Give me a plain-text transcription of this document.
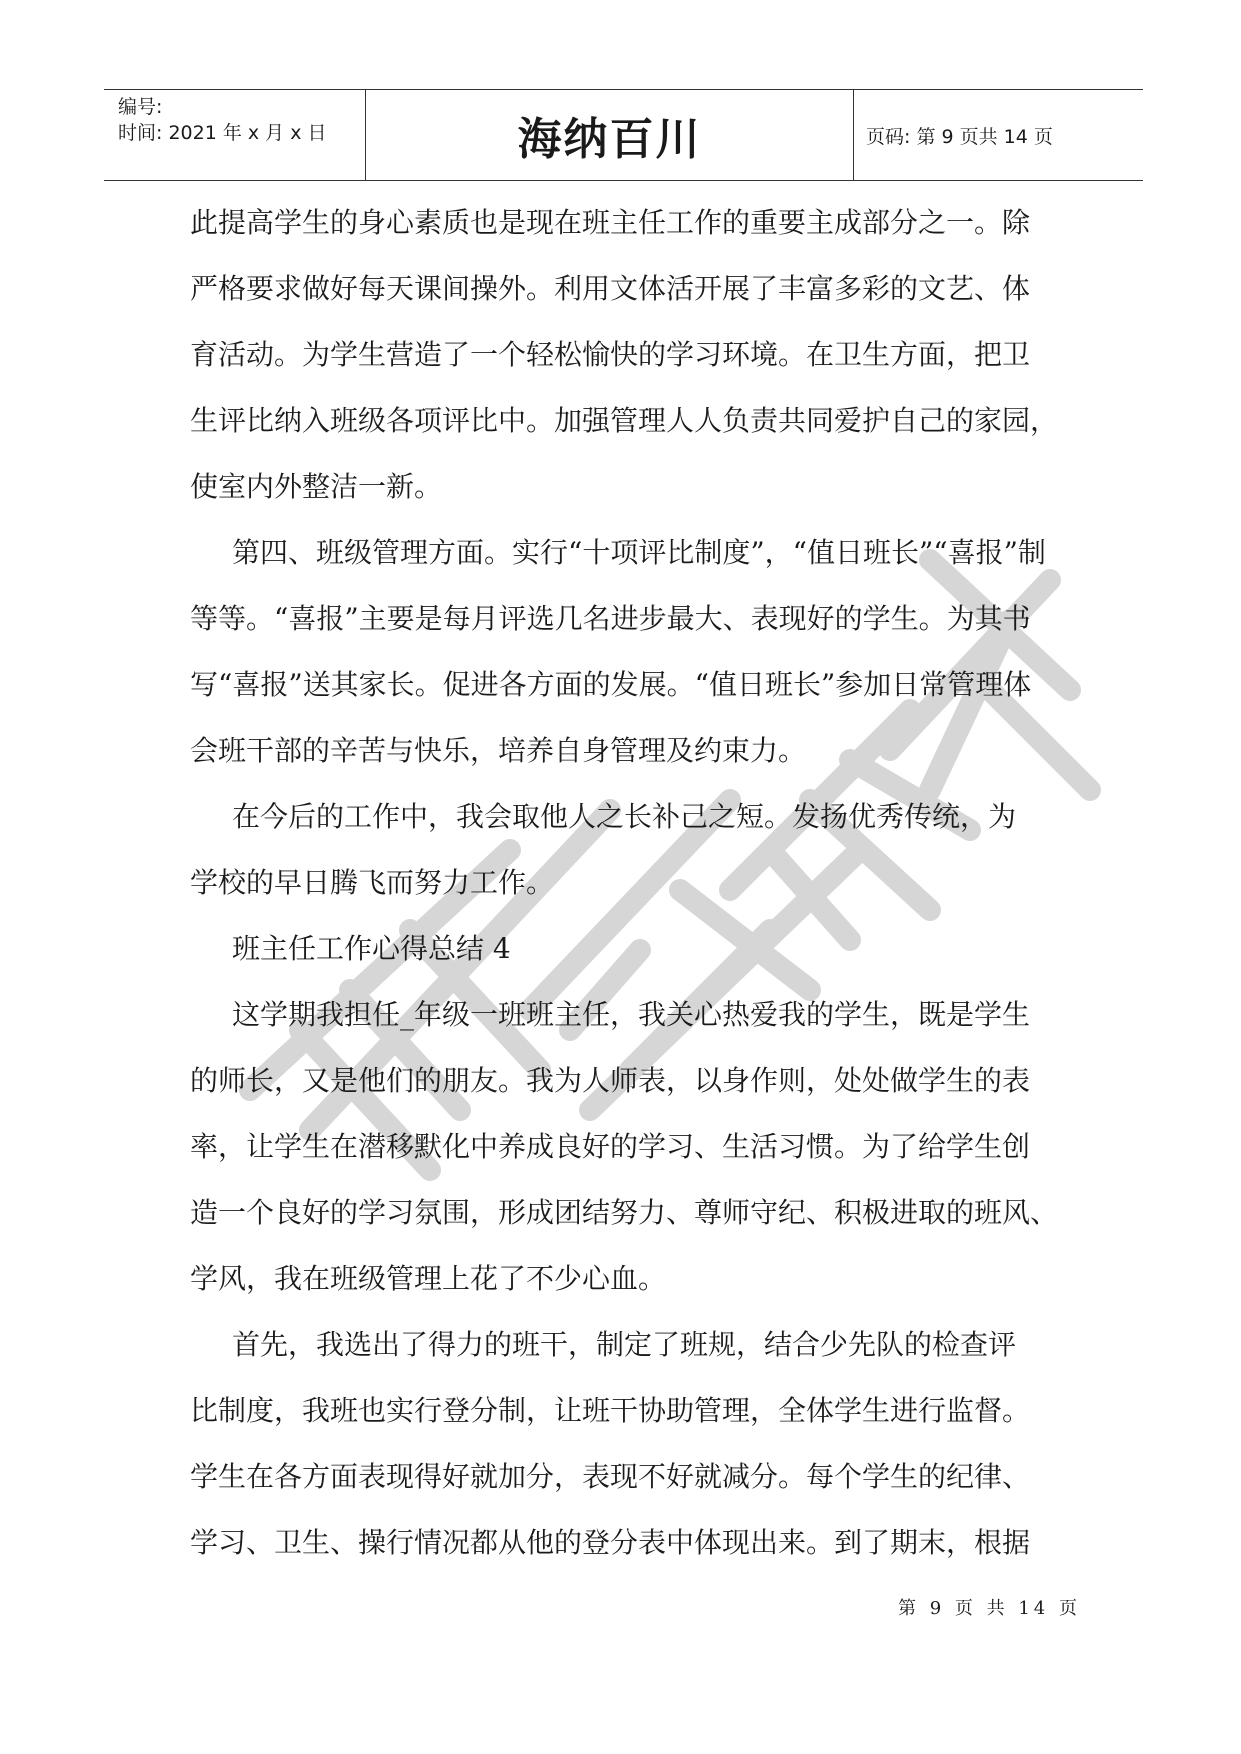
编号:
时间: 2021 年 x 月 x 日	海纳百川	页码: 第 9 页共 14 页
此提高学生的身心素质也是现在班主任工作的重要主成部分之一。除
严格要求做好每天课间操外。利用文体活开展了丰富多彩的文艺、体
育活动。为学生营造了一个轻松愉快的学习环境。在卫生方面，把卫
生评比纳入班级各项评比中。加强管理人人负责共同爱护自己的家园，
使室内外整洁一新。
第四、班级管理方面。实行“十项评比制度”，“值日班长”“喜报”制
等等。“喜报”主要是每月评选几名进步最大、表现好的学生。为其书
写“喜报”送其家长。促进各方面的发展。“值日班长”参加日常管理体
会班干部的辛苦与快乐，培养自身管理及约束力。
在今后的工作中，我会取他人之长补己之短。发扬优秀传统，为
学校的早日腾飞而努力工作。
班主任工作心得总结 4
这学期我担任_年级一班班主任，我关心热爱我的学生，既是学生
的师长，又是他们的朋友。我为人师表，以身作则，处处做学生的表
率，让学生在潜移默化中养成良好的学习、生活习惯。为了给学生创
造一个良好的学习氛围，形成团结努力、尊师守纪、积极进取的班风、
学风，我在班级管理上花了不少心血。
首先，我选出了得力的班干，制定了班规，结合少先队的检查评
比制度，我班也实行登分制，让班干协助管理，全体学生进行监督。
学生在各方面表现得好就加分，表现不好就减分。每个学生的纪律、
学习、卫生、操行情况都从他的登分表中体现出来。到了期末，根据
第 9 页 共 14 页
